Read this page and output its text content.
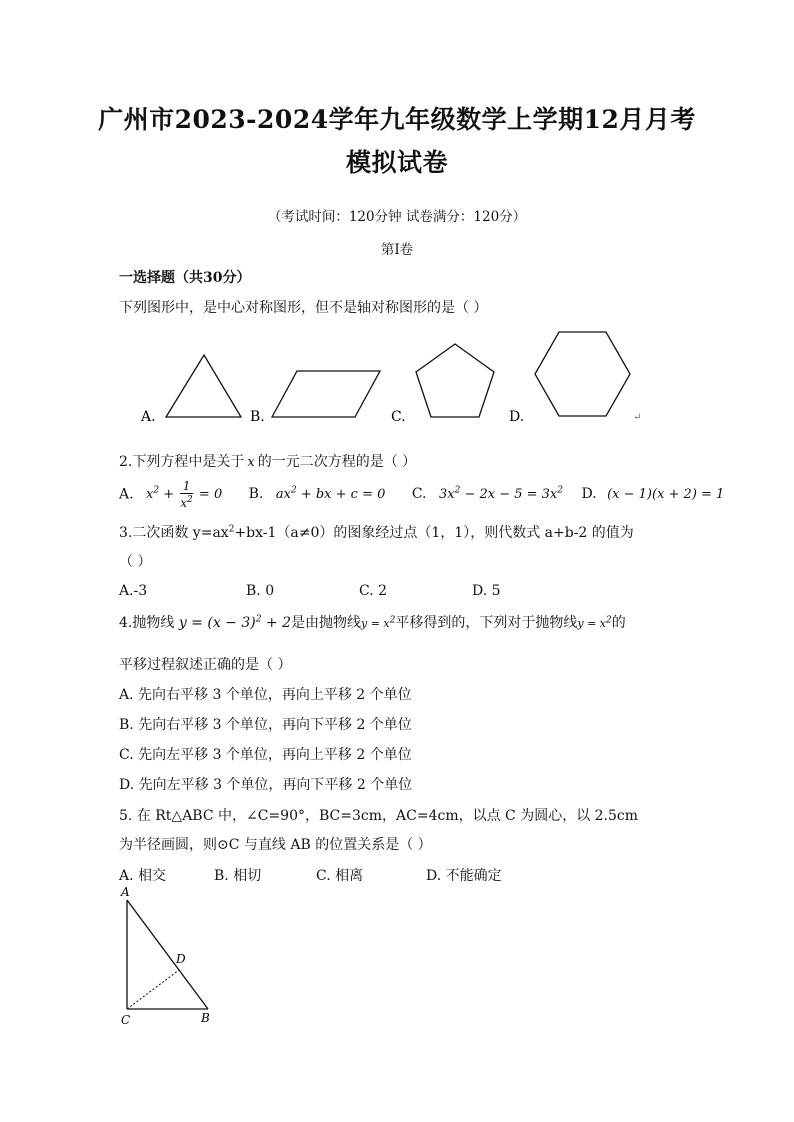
广州市2023-2024学年九年级数学上学期12月月考
模拟试卷
（考试时间：120分钟 试卷满分：120分）
第Ⅰ卷
一选择题（共30分）
下列图形中，是中心对称图形，但不是轴对称图形的是（ ）
A.	B.	C.	D.	↵
2.下列方程中是关于 x 的一元二次方程的是（ ）
A. $x^2 + \frac{1}{x^2} = 0$ B. $ax^2$ + bx + c = 0 C. $3x^2 - 2x - 5 = 3x^2$ D. (x − 1)(x + 2) = 1
3.二次函数 $y=ax^2+bx-1(a\ne 0)$的图象经过点（1，1），则代数式 a+b-2 的值为
（ ）
A.-3	B. 0	C. 2	D. 5
4.抛物线 $y = (x - 3)^2 + 2$是由抛物线$y = x^2$平移得到的，下列对于抛物线$y = x^2$的
平移过程叙述正确的是（ ）
A. 先向右平移 3 个单位，再向上平移 2 个单位
B. 先向右平移 3 个单位，再向下平移 2 个单位
C. 先向左平移 3 个单位，再向上平移 2 个单位
D. 先向左平移 3 个单位，再向下平移 2 个单位
5. 在 Rt△ABC 中，∠C=90°，BC=3cm，AC=4cm，以点 C 为圆心，以 2.5cm
为半径画圆，则⊙C 与直线 AB 的位置关系是（ ）
A. 相交	B. 相切	C. 相离	D. 不能确定
A
D
C	B
